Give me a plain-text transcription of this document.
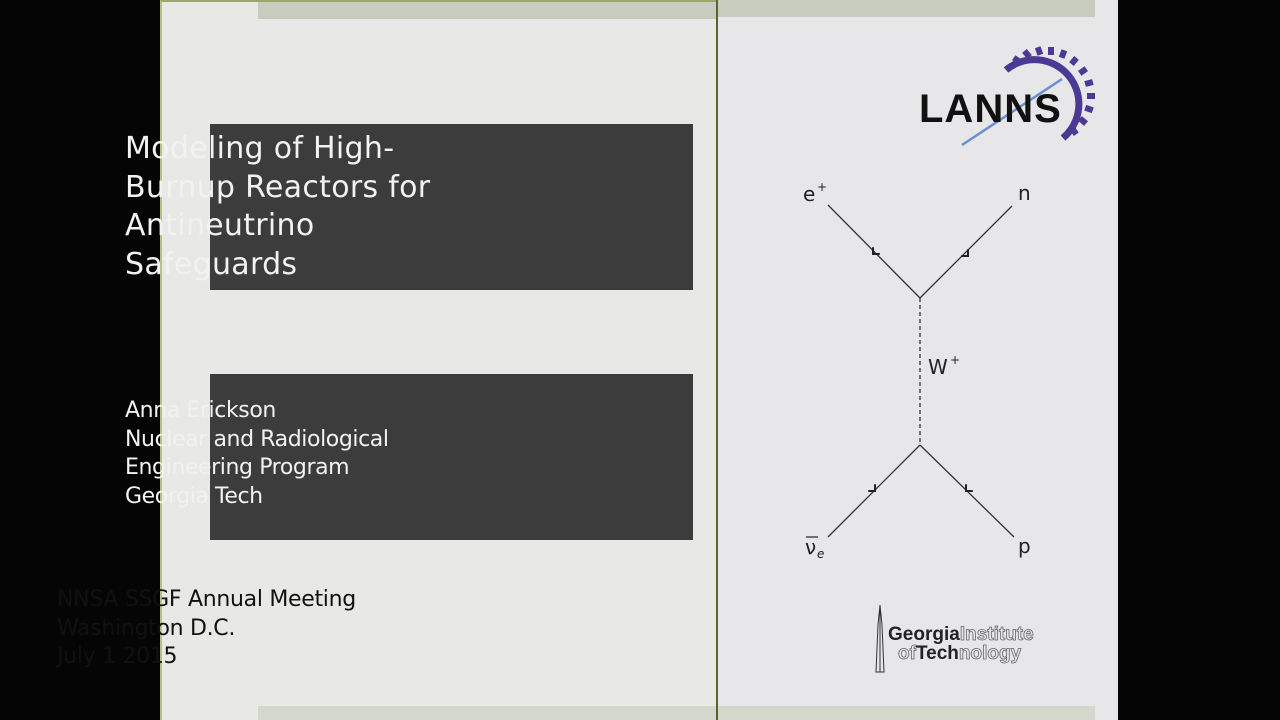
Modeling of High-
Burnup Reactors for
Antineutrino
Safeguards
Anna Erickson
Nuclear and Radiological
Engineering Program
Georgia Tech
NNSA SSGF Annual Meeting
Washington D.C.
July 1 2015
e +	n
W +
ν e	p
LANNS
GeorgiaInstitute
ofTechnology
